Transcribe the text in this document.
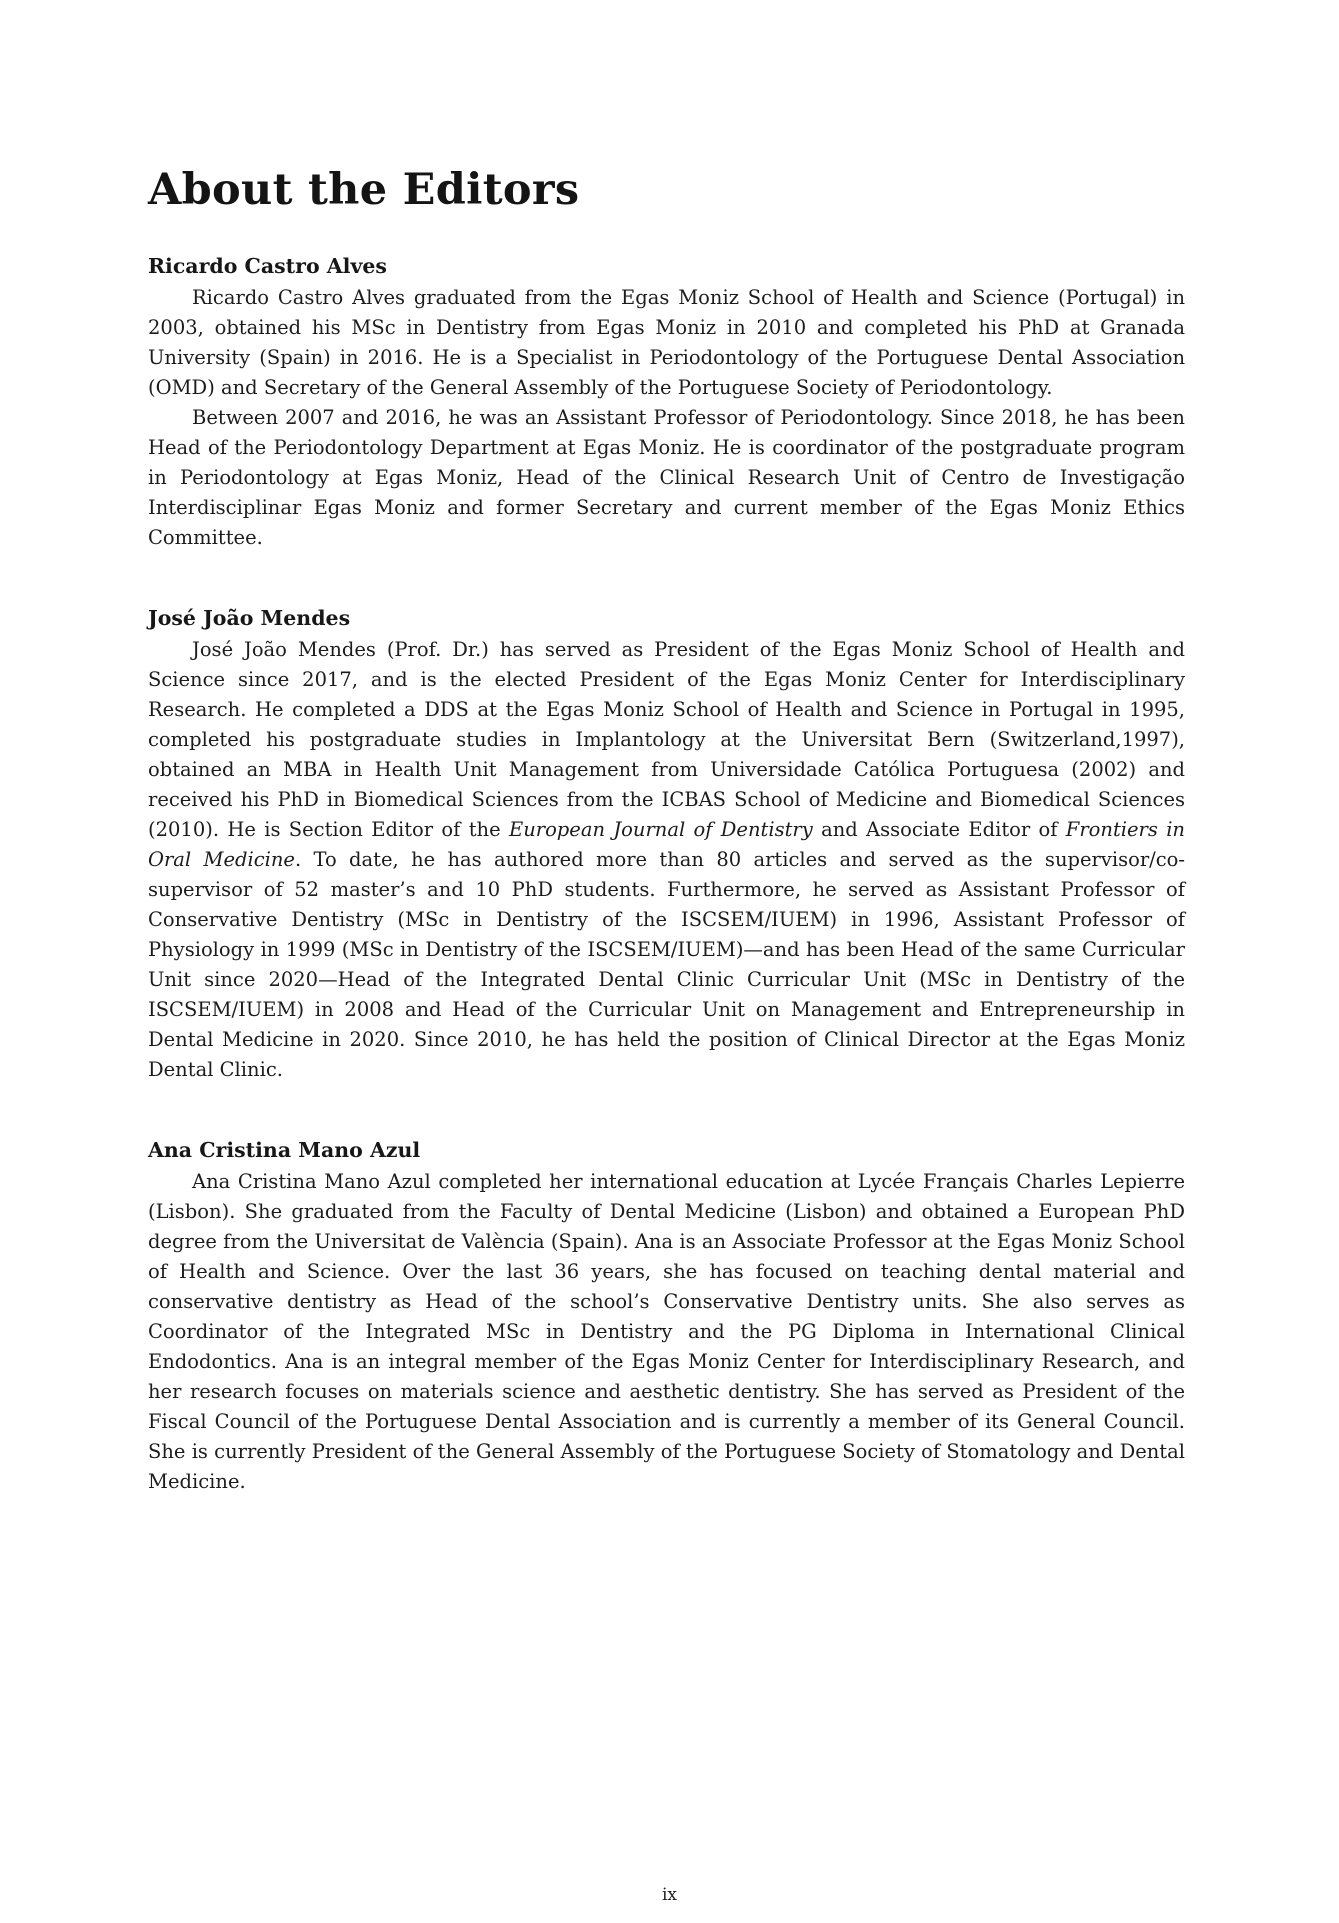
About the Editors
Ricardo Castro Alves

Ricardo Castro Alves graduated from the Egas Moniz School of Health and Science (Portugal) in 2003, obtained his MSc in Dentistry from Egas Moniz in 2010 and completed his PhD at Granada University (Spain) in 2016. He is a Specialist in Periodontology of the Portuguese Dental Association (OMD) and Secretary of the General Assembly of the Portuguese Society of Periodontology.

Between 2007 and 2016, he was an Assistant Professor of Periodontology. Since 2018, he has been Head of the Periodontology Department at Egas Moniz. He is coordinator of the postgraduate program in Periodontology at Egas Moniz, Head of the Clinical Research Unit of Centro de Investigação Interdisciplinar Egas Moniz and former Secretary and current member of the Egas Moniz Ethics Committee.

José João Mendes

José João Mendes (Prof. Dr.) has served as President of the Egas Moniz School of Health and Science since 2017, and is the elected President of the Egas Moniz Center for Interdisciplinary Research. He completed a DDS at the Egas Moniz School of Health and Science in Portugal in 1995, completed his postgraduate studies in Implantology at the Universitat Bern (Switzerland,1997), obtained an MBA in Health Unit Management from Universidade Católica Portuguesa (2002) and received his PhD in Biomedical Sciences from the ICBAS School of Medicine and Biomedical Sciences (2010). He is Section Editor of the European Journal of Dentistry and Associate Editor of Frontiers in Oral Medicine. To date, he has authored more than 80 articles and served as the supervisor/co-supervisor of 52 master’s and 10 PhD students. Furthermore, he served as Assistant Professor of Conservative Dentistry (MSc in Dentistry of the ISCSEM/IUEM) in 1996, Assistant Professor of Physiology in 1999 (MSc in Dentistry of the ISCSEM/IUEM)—and has been Head of the same Curricular Unit since 2020—Head of the Integrated Dental Clinic Curricular Unit (MSc in Dentistry of the ISCSEM/IUEM) in 2008 and Head of the Curricular Unit on Management and Entrepreneurship in Dental Medicine in 2020. Since 2010, he has held the position of Clinical Director at the Egas Moniz Dental Clinic.

Ana Cristina Mano Azul

Ana Cristina Mano Azul completed her international education at Lycée Français Charles Lepierre (Lisbon). She graduated from the Faculty of Dental Medicine (Lisbon) and obtained a European PhD degree from the Universitat de València (Spain). Ana is an Associate Professor at the Egas Moniz School of Health and Science. Over the last 36 years, she has focused on teaching dental material and conservative dentistry as Head of the school’s Conservative Dentistry units. She also serves as Coordinator of the Integrated MSc in Dentistry and the PG Diploma in International Clinical Endodontics. Ana is an integral member of the Egas Moniz Center for Interdisciplinary Research, and her research focuses on materials science and aesthetic dentistry. She has served as President of the Fiscal Council of the Portuguese Dental Association and is currently a member of its General Council. She is currently President of the General Assembly of the Portuguese Society of Stomatology and Dental Medicine.

ix
